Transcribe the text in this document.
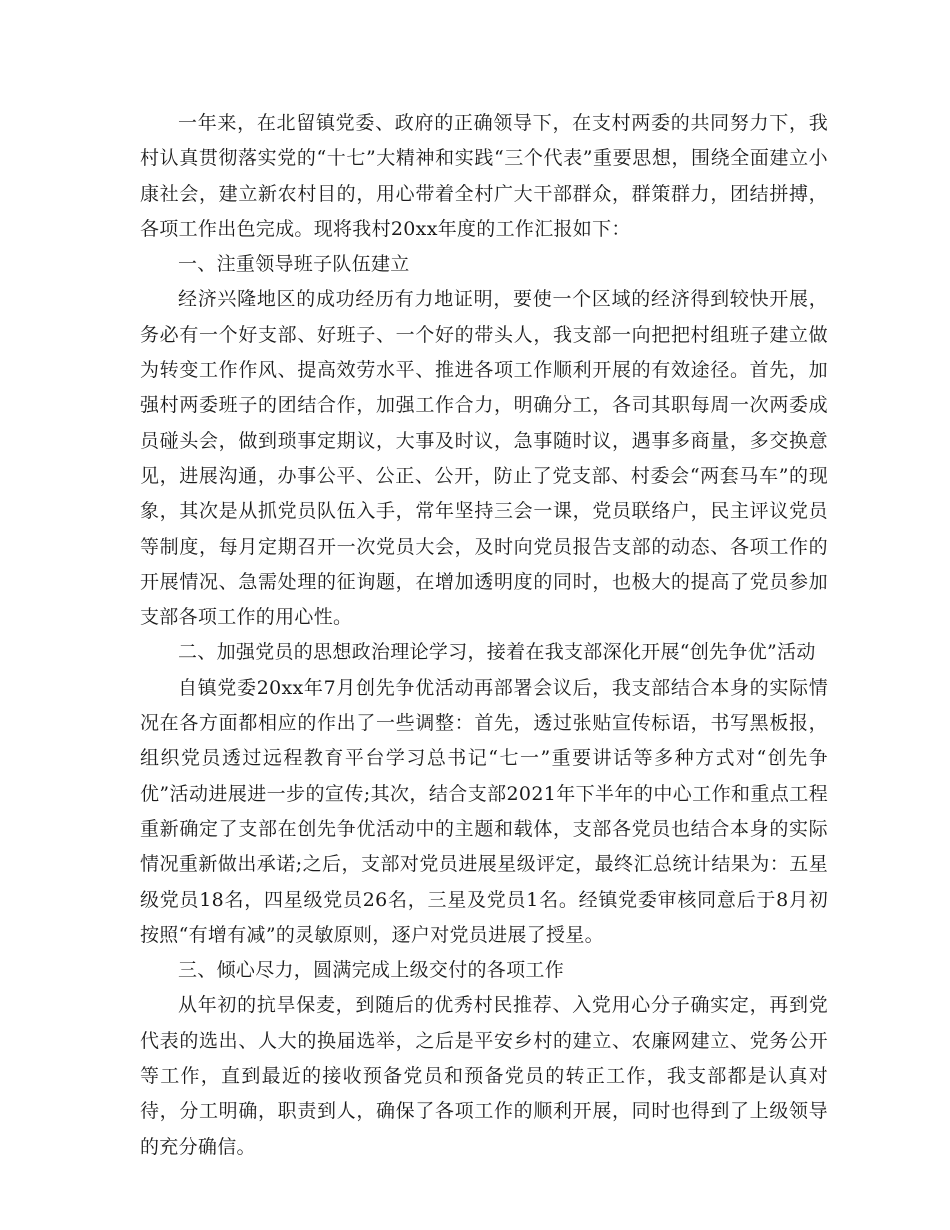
一年来，在北留镇党委、政府的正确领导下，在支村两委的共同努力下，我村认真贯彻落实党的“十七”大精神和实践“三个代表”重要思想，围绕全面建立小康社会，建立新农村目的，用心带着全村广大干部群众，群策群力，团结拼搏，各项工作出色完成。现将我村20xx年度的工作汇报如下：

一、注重领导班子队伍建立

经济兴隆地区的成功经历有力地证明，要使一个区域的经济得到较快开展，务必有一个好支部、好班子、一个好的带头人，我支部一向把把村组班子建立做为转变工作作风、提高效劳水平、推进各项工作顺利开展的有效途径。首先，加强村两委班子的团结合作，加强工作合力，明确分工，各司其职每周一次两委成员碰头会，做到琐事定期议，大事及时议，急事随时议，遇事多商量，多交换意见，进展沟通，办事公平、公正、公开，防止了党支部、村委会“两套马车”的现象，其次是从抓党员队伍入手，常年坚持三会一课，党员联络户，民主评议党员等制度，每月定期召开一次党员大会，及时向党员报告支部的动态、各项工作的开展情况、急需处理的征询题，在增加透明度的同时，也极大的提高了党员参加支部各项工作的用心性。

二、加强党员的思想政治理论学习，接着在我支部深化开展“创先争优”活动

自镇党委20xx年7月创先争优活动再部署会议后，我支部结合本身的实际情况在各方面都相应的作出了一些调整：首先，透过张贴宣传标语，书写黑板报，组织党员透过远程教育平台学习总书记“七一”重要讲话等多种方式对“创先争优”活动进展进一步的宣传;其次，结合支部2021年下半年的中心工作和重点工程重新确定了支部在创先争优活动中的主题和载体，支部各党员也结合本身的实际情况重新做出承诺;之后，支部对党员进展星级评定，最终汇总统计结果为：五星级党员18名，四星级党员26名，三星及党员1名。经镇党委审核同意后于8月初按照“有增有减”的灵敏原则，逐户对党员进展了授星。

三、倾心尽力，圆满完成上级交付的各项工作

从年初的抗旱保麦，到随后的优秀村民推荐、入党用心分子确实定，再到党代表的选出、人大的换届选举，之后是平安乡村的建立、农廉网建立、党务公开等工作，直到最近的接收预备党员和预备党员的转正工作，我支部都是认真对待，分工明确，职责到人，确保了各项工作的顺利开展，同时也得到了上级领导的充分确信。
